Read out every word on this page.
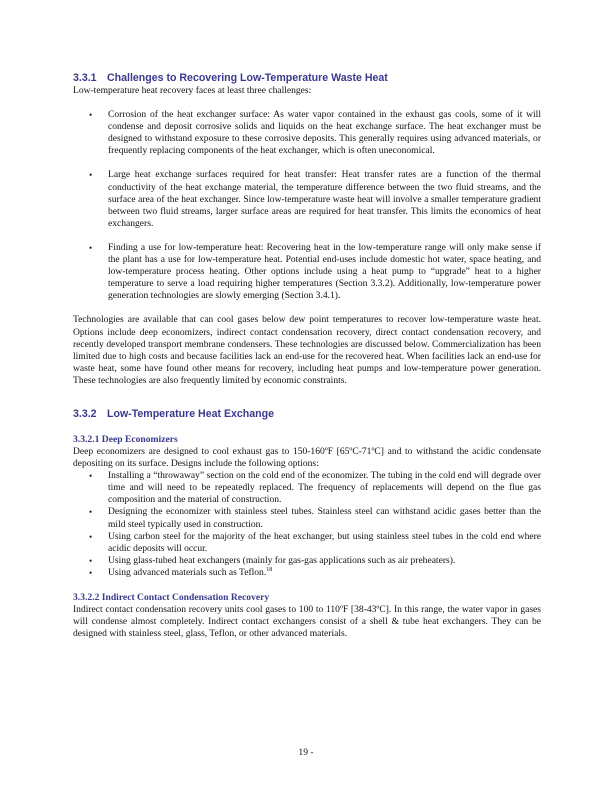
3.3.1 Challenges to Recovering Low-Temperature Waste Heat

Low-temperature heat recovery faces at least three challenges:

• Corrosion of the heat exchanger surface: As water vapor contained in the exhaust gas cools, some of it will condense and deposit corrosive solids and liquids on the heat exchange surface. The heat exchanger must be designed to withstand exposure to these corrosive deposits. This generally requires using advanced materials, or frequently replacing components of the heat exchanger, which is often uneconomical.
• Large heat exchange surfaces required for heat transfer: Heat transfer rates are a function of the thermal conductivity of the heat exchange material, the temperature difference between the two fluid streams, and the surface area of the heat exchanger. Since low-temperature waste heat will involve a smaller temperature gradient between two fluid streams, larger surface areas are required for heat transfer. This limits the economics of heat exchangers.
• Finding a use for low-temperature heat: Recovering heat in the low-temperature range will only make sense if the plant has a use for low-temperature heat. Potential end-uses include domestic hot water, space heating, and low-temperature process heating. Other options include using a heat pump to “upgrade” heat to a higher temperature to serve a load requiring higher temperatures (Section 3.3.2). Additionally, low-temperature power generation technologies are slowly emerging (Section 3.4.1).

Technologies are available that can cool gases below dew point temperatures to recover low-temperature waste heat. Options include deep economizers, indirect contact condensation recovery, direct contact condensation recovery, and recently developed transport membrane condensers. These technologies are discussed below. Commercialization has been limited due to high costs and because facilities lack an end-use for the recovered heat. When facilities lack an end-use for waste heat, some have found other means for recovery, including heat pumps and low-temperature power generation. These technologies are also frequently limited by economic constraints.

3.3.2 Low-Temperature Heat Exchange
3.3.2.1 Deep Economizers

Deep economizers are designed to cool exhaust gas to 150-160ºF [65ºC-71ºC] and to withstand the acidic condensate depositing on its surface. Designs include the following options:

• Installing a “throwaway” section on the cold end of the economizer. The tubing in the cold end will degrade over time and will need to be repeatedly replaced. The frequency of replacements will depend on the flue gas composition and the material of construction.
• Designing the economizer with stainless steel tubes. Stainless steel can withstand acidic gases better than the mild steel typically used in construction.
• Using carbon steel for the majority of the heat exchanger, but using stainless steel tubes in the cold end where acidic deposits will occur.
• Using glass-tubed heat exchangers (mainly for gas-gas applications such as air preheaters).
• Using advanced materials such as Teflon.$^{18}$
3.3.2.2 Indirect Contact Condensation Recovery

Indirect contact condensation recovery units cool gases to 100 to 110ºF [38-43ºC]. In this range, the water vapor in gases will condense almost completely. Indirect contact exchangers consist of a shell & tube heat exchangers. They can be designed with stainless steel, glass, Teflon, or other advanced materials.

19 -
